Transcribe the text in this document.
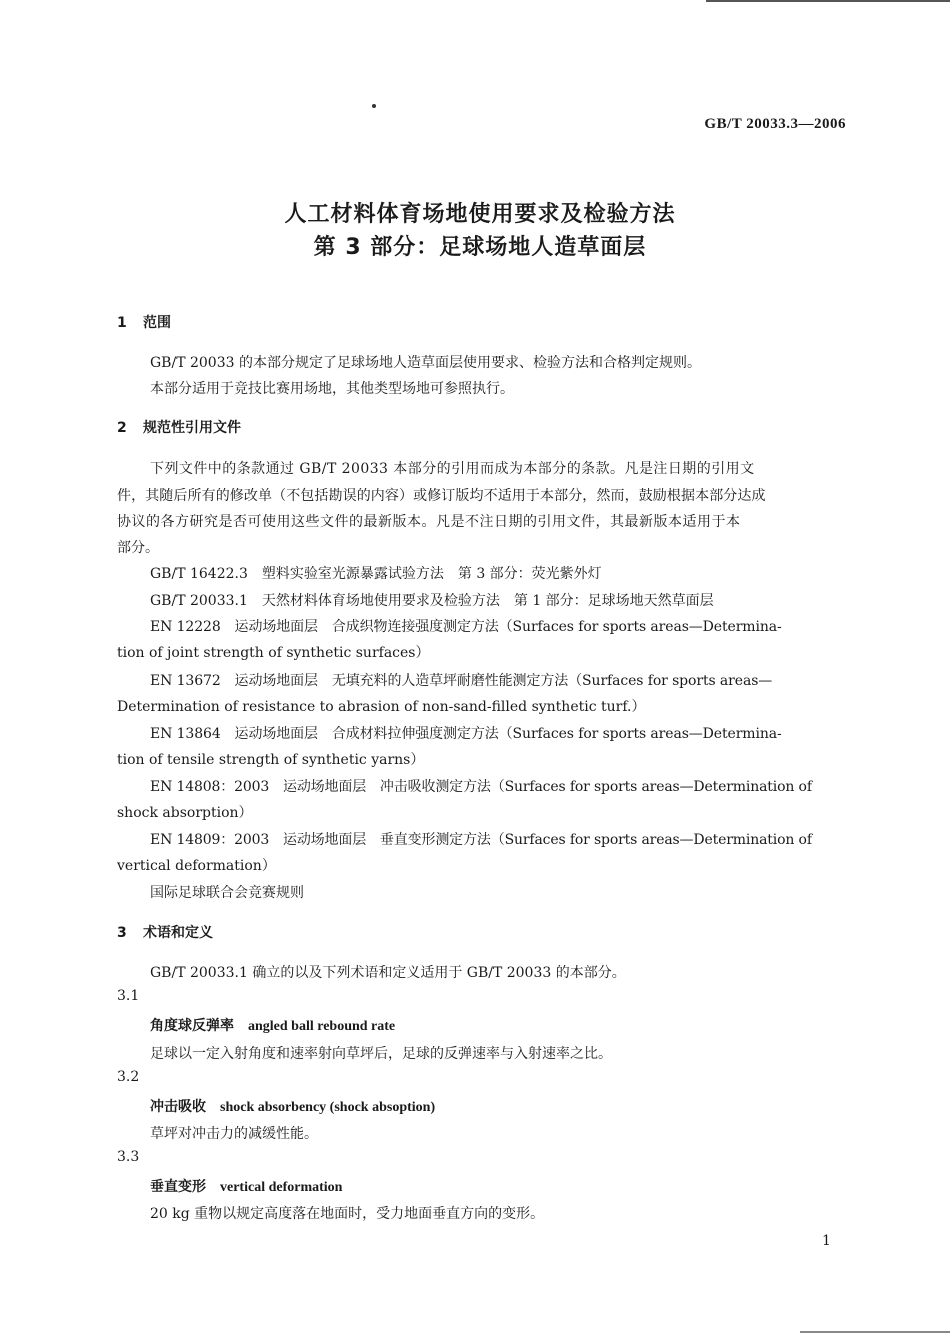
GB/T 20033.3—2006
人工材料体育场地使用要求及检验方法
第 3 部分：足球场地人造草面层
1 范围
GB/T 20033 的本部分规定了足球场地人造草面层使用要求、检验方法和合格判定规则。
本部分适用于竞技比赛用场地，其他类型场地可参照执行。
2 规范性引用文件
下列文件中的条款通过 GB/T 20033 本部分的引用而成为本部分的条款。凡是注日期的引用文
件，其随后所有的修改单（不包括勘误的内容）或修订版均不适用于本部分，然而，鼓励根据本部分达成
协议的各方研究是否可使用这些文件的最新版本。凡是不注日期的引用文件，其最新版本适用于本
部分。
GB/T 16422.3　塑料实验室光源暴露试验方法　第 3 部分：荧光紫外灯
GB/T 20033.1　天然材料体育场地使用要求及检验方法　第 1 部分：足球场地天然草面层
EN 12228　运动场地面层　合成织物连接强度测定方法（Surfaces for sports areas—Determina-
tion of joint strength of synthetic surfaces）
EN 13672　运动场地面层　无填充料的人造草坪耐磨性能测定方法（Surfaces for sports areas—
Determination of resistance to abrasion of non-sand-filled synthetic turf.）
EN 13864　运动场地面层　合成材料拉伸强度测定方法（Surfaces for sports areas—Determina-
tion of tensile strength of synthetic yarns）
EN 14808：2003　运动场地面层　冲击吸收测定方法（Surfaces for sports areas—Determination of
shock absorption）
EN 14809：2003　运动场地面层　垂直变形测定方法（Surfaces for sports areas—Determination of
vertical deformation）
国际足球联合会竞赛规则
3 术语和定义
GB/T 20033.1 确立的以及下列术语和定义适用于 GB/T 20033 的本部分。
3.1
角度球反弹率　 angled ball rebound rate
足球以一定入射角度和速率射向草坪后，足球的反弹速率与入射速率之比。
3.2
冲击吸收　 shock absorbency (shock absoption)
草坪对冲击力的减缓性能。
3.3
垂直变形　 vertical deformation
20 kg 重物以规定高度落在地面时，受力地面垂直方向的变形。
1
